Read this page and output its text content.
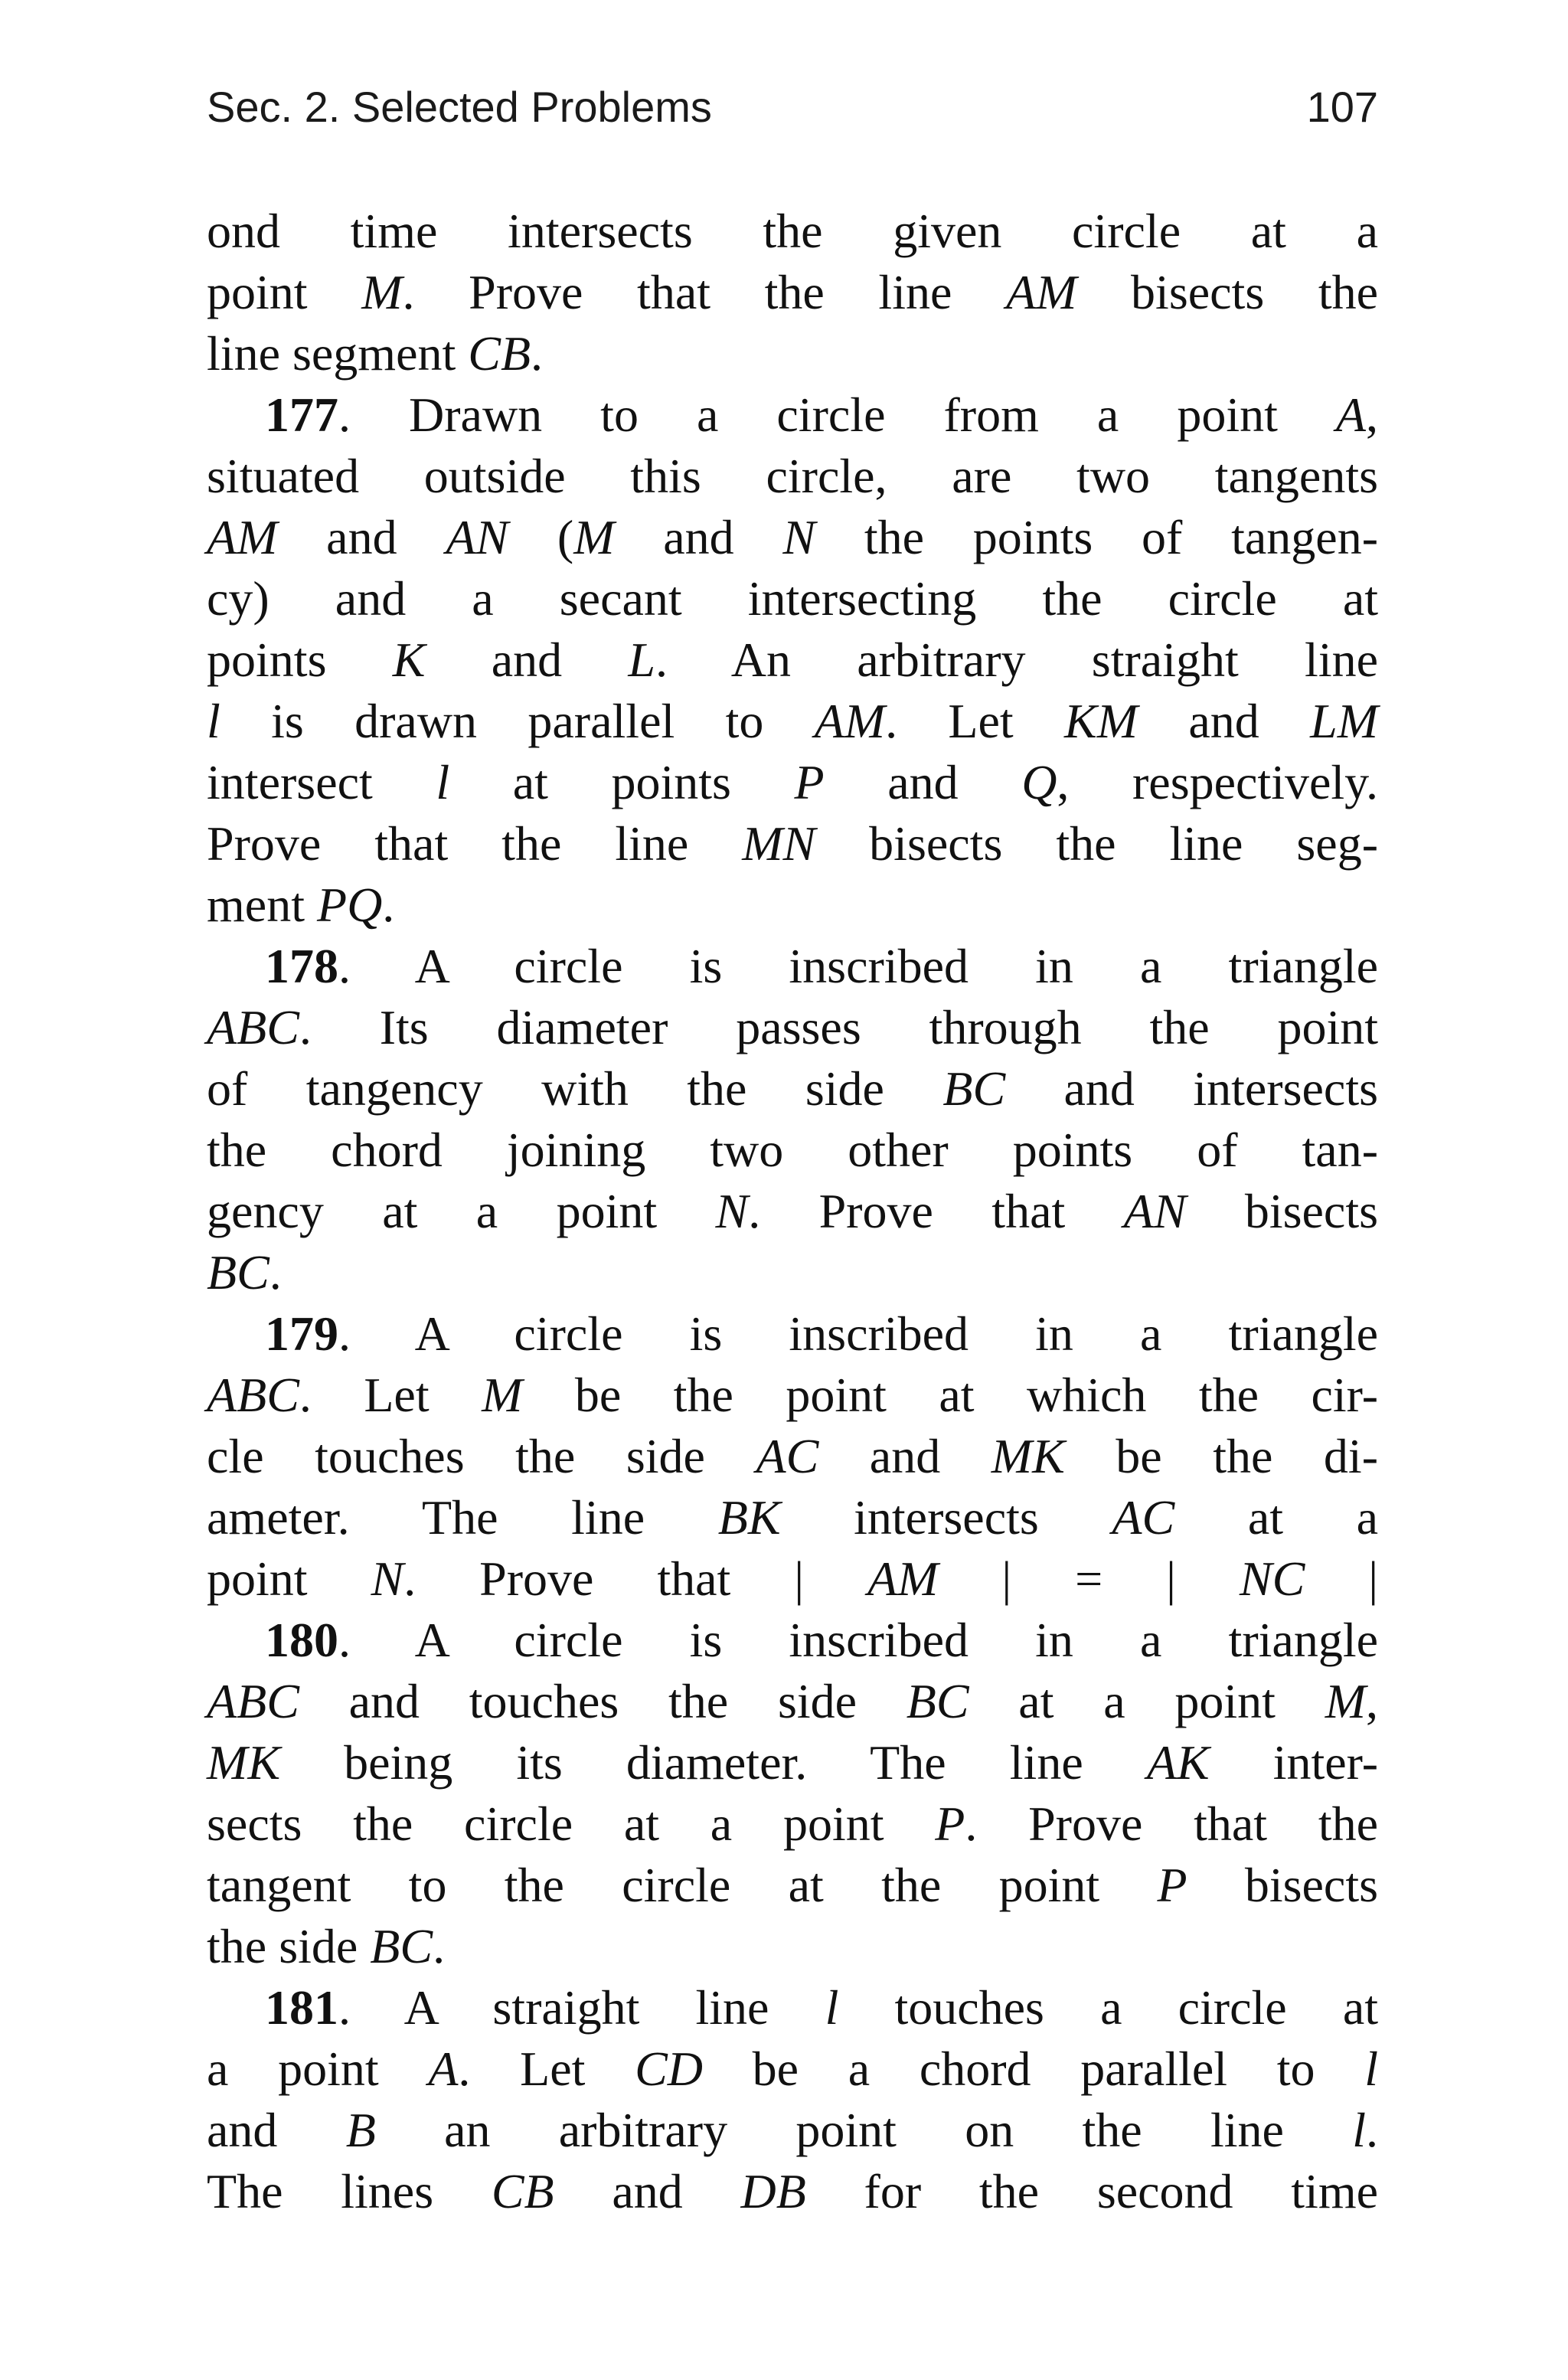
Sec. 2. Selected Problems	107
ond time intersects the given circle at a
point M. Prove that the line AM bisects the
line segment CB.
177. Drawn to a circle from a point A,
situated outside this circle, are two tangents
AM and AN (M and N the points of tangen-
cy) and a secant intersecting the circle at
points K and L. An arbitrary straight line
l is drawn parallel to AM. Let KM and LM
intersect l at points P and Q, respectively.
Prove that the line MN bisects the line seg-
ment PQ.
178. A circle is inscribed in a triangle
ABC. Its diameter passes through the point
of tangency with the side BC and intersects
the chord joining two other points of tan-
gency at a point N. Prove that AN bisects
BC.
179. A circle is inscribed in a triangle
ABC. Let M be the point at which the cir-
cle touches the side AC and MK be the di-
ameter. The line BK intersects AC at a
point N. Prove that | AM | = | NC |
180. A circle is inscribed in a triangle
ABC and touches the side BC at a point M,
MK being its diameter. The line AK inter-
sects the circle at a point P. Prove that the
tangent to the circle at the point P bisects
the side BC.
181. A straight line l touches a circle at
a point A. Let CD be a chord parallel to l
and B an arbitrary point on the line l.
The lines CB and DB for the second time
